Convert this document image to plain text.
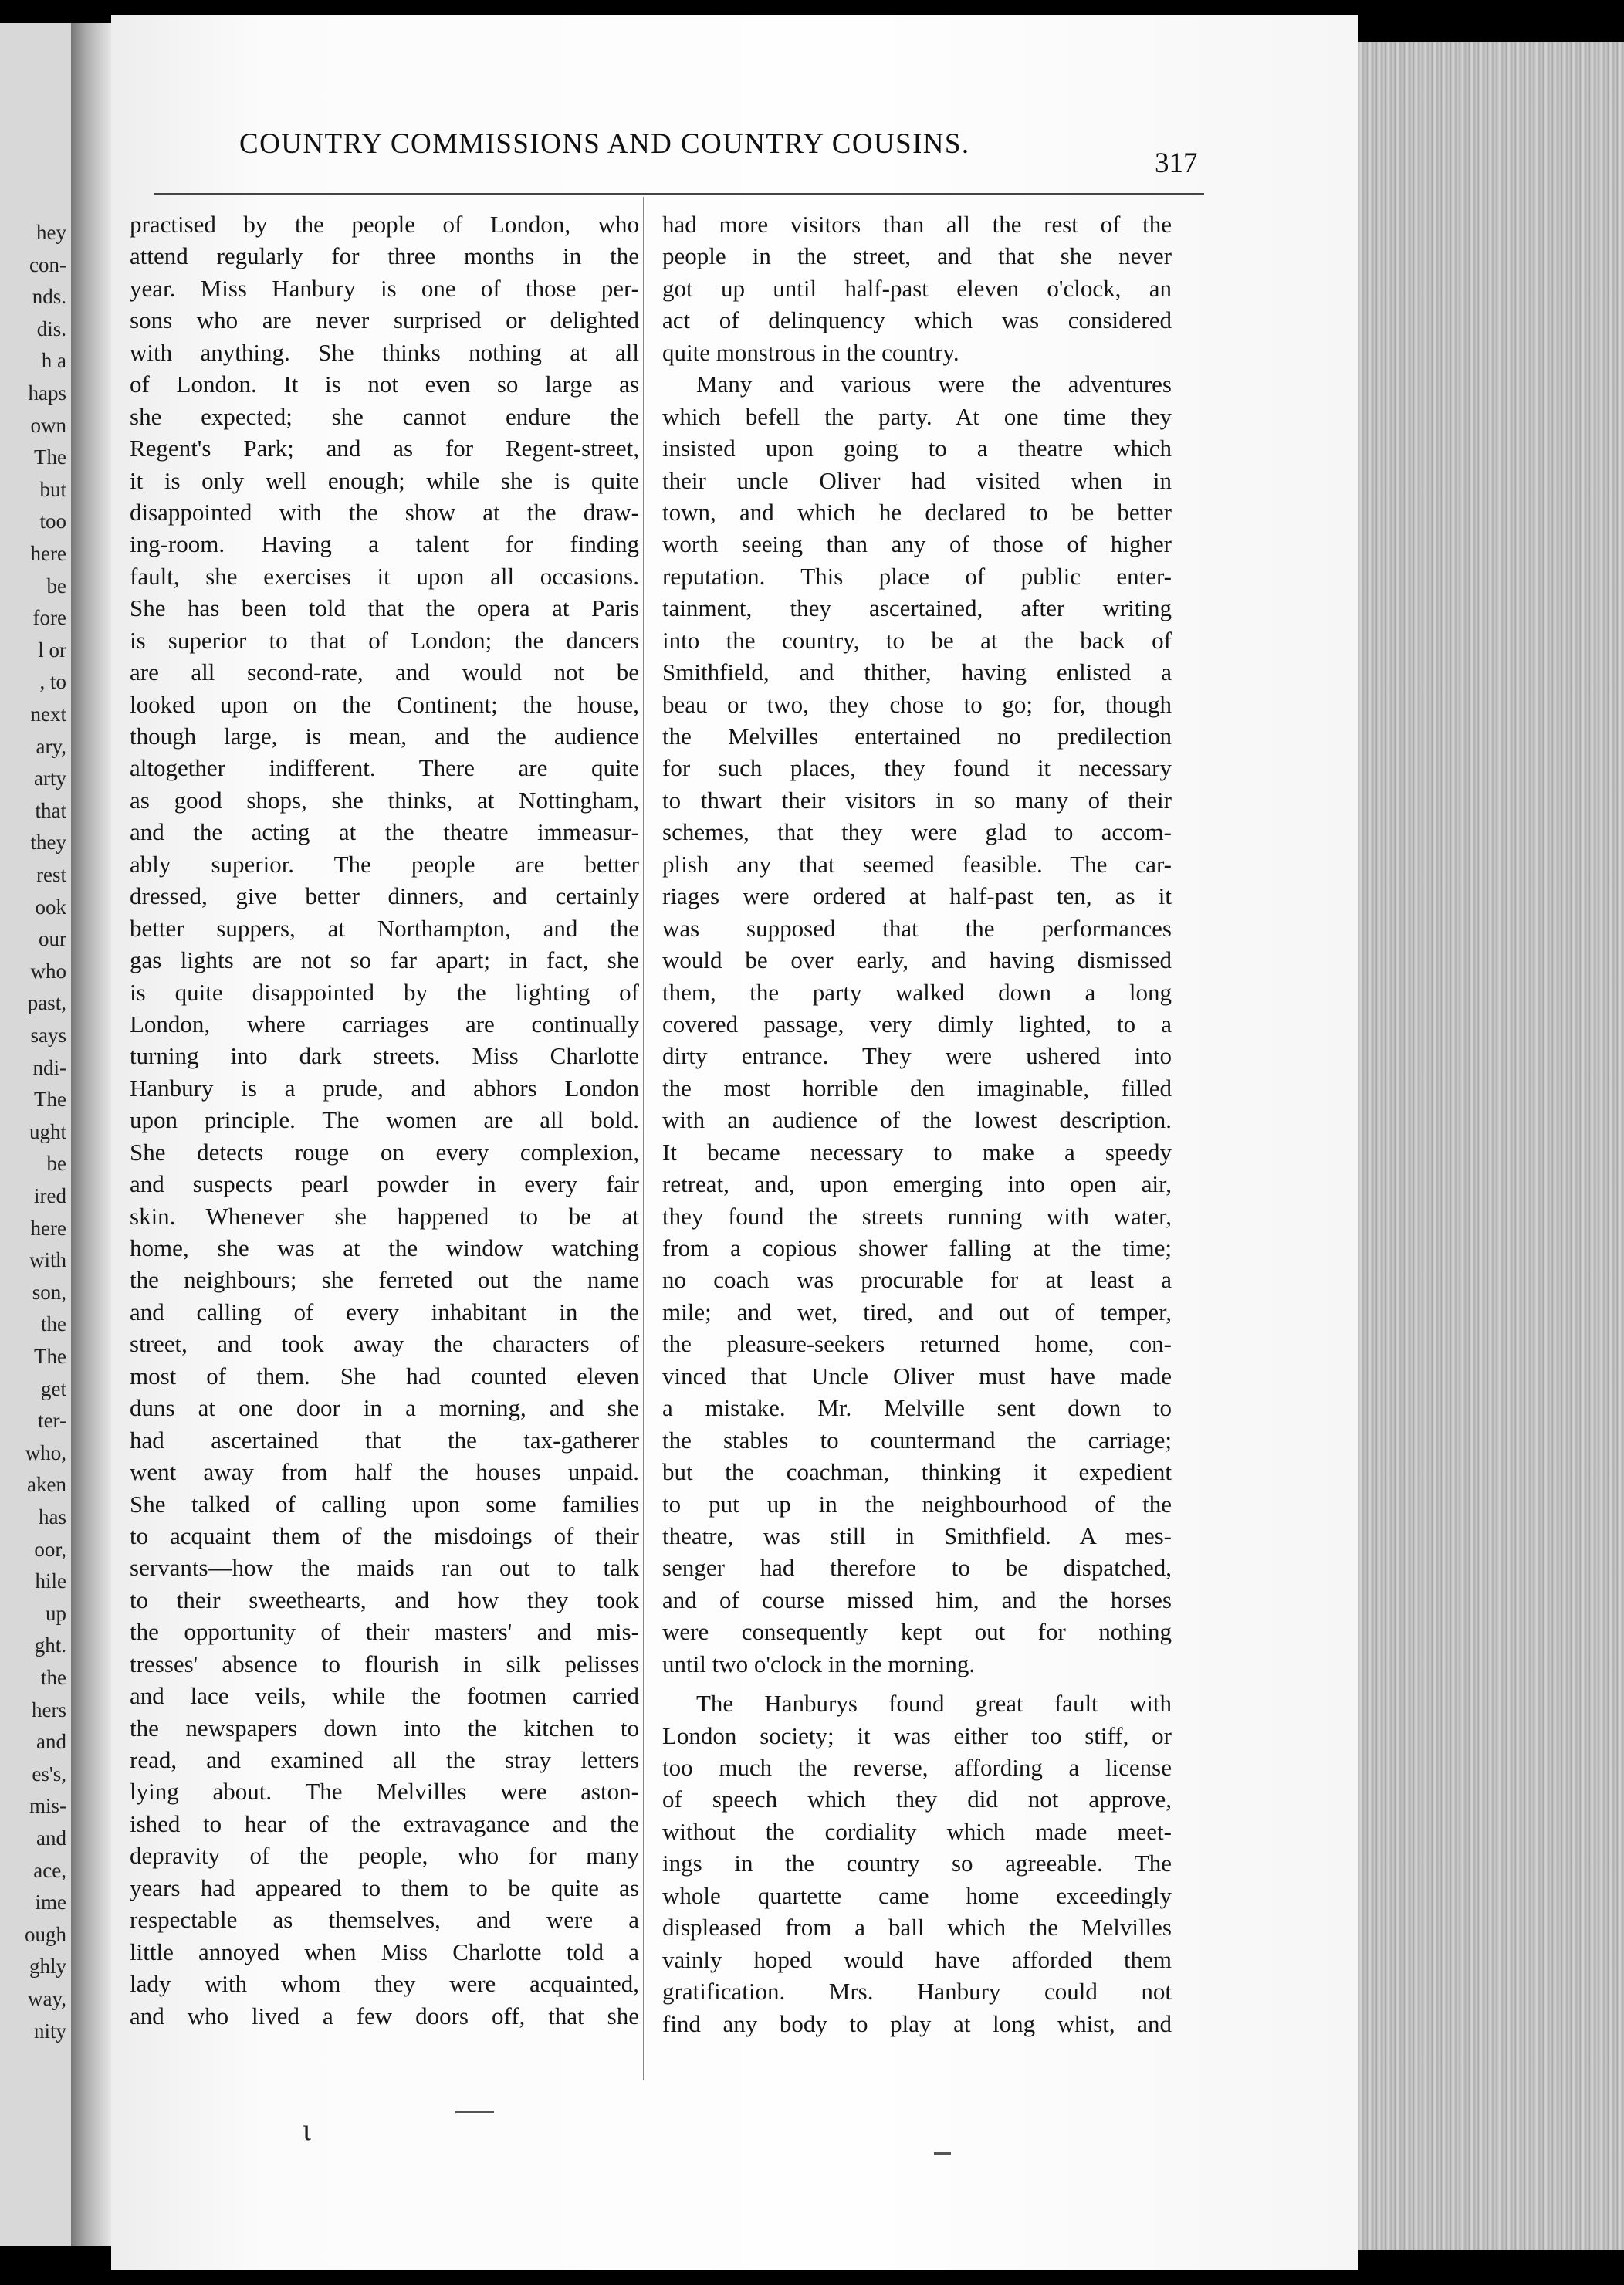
hey
con-
nds.
dis.
h a
haps
own
The
but
too
here
be
fore
l or
, to
next
ary,
arty
that
they
rest
ook
our
who
past,
says
ndi-
The
ught
be
ired
here
with
son,
the
The
get
ter-
who,
aken
has
oor,
hile
up
ght.
the
hers
and
es's,
mis-
and
ace,
ime
ough
ghly
way,
nity
COUNTRY COMMISSIONS AND COUNTRY COUSINS.
317
practised by the people of London, who
attend regularly for three months in the
year. Miss Hanbury is one of those per-
sons who are never surprised or delighted
with anything. She thinks nothing at all
of London. It is not even so large as
she expected; she cannot endure the
Regent's Park; and as for Regent-street,
it is only well enough; while she is quite
disappointed with the show at the draw-
ing-room. Having a talent for finding
fault, she exercises it upon all occasions.
She has been told that the opera at Paris
is superior to that of London; the dancers
are all second-rate, and would not be
looked upon on the Continent; the house,
though large, is mean, and the audience
altogether indifferent. There are quite
as good shops, she thinks, at Nottingham,
and the acting at the theatre immeasur-
ably superior. The people are better
dressed, give better dinners, and certainly
better suppers, at Northampton, and the
gas lights are not so far apart; in fact, she
is quite disappointed by the lighting of
London, where carriages are continually
turning into dark streets. Miss Charlotte
Hanbury is a prude, and abhors London
upon principle. The women are all bold.
She detects rouge on every complexion,
and suspects pearl powder in every fair
skin. Whenever she happened to be at
home, she was at the window watching
the neighbours; she ferreted out the name
and calling of every inhabitant in the
street, and took away the characters of
most of them. She had counted eleven
duns at one door in a morning, and she
had ascertained that the tax-gatherer
went away from half the houses unpaid.
She talked of calling upon some families
to acquaint them of the misdoings of their
servants—how the maids ran out to talk
to their sweethearts, and how they took
the opportunity of their masters' and mis-
tresses' absence to flourish in silk pelisses
and lace veils, while the footmen carried
the newspapers down into the kitchen to
read, and examined all the stray letters
lying about. The Melvilles were aston-
ished to hear of the extravagance and the
depravity of the people, who for many
years had appeared to them to be quite as
respectable as themselves, and were a
little annoyed when Miss Charlotte told a
lady with whom they were acquainted,
and who lived a few doors off, that she
had more visitors than all the rest of the
people in the street, and that she never
got up until half-past eleven o'clock, an
act of delinquency which was considered
quite monstrous in the country.
Many and various were the adventures
which befell the party. At one time they
insisted upon going to a theatre which
their uncle Oliver had visited when in
town, and which he declared to be better
worth seeing than any of those of higher
reputation. This place of public enter-
tainment, they ascertained, after writing
into the country, to be at the back of
Smithfield, and thither, having enlisted a
beau or two, they chose to go; for, though
the Melvilles entertained no predilection
for such places, they found it necessary
to thwart their visitors in so many of their
schemes, that they were glad to accom-
plish any that seemed feasible. The car-
riages were ordered at half-past ten, as it
was supposed that the performances
would be over early, and having dismissed
them, the party walked down a long
covered passage, very dimly lighted, to a
dirty entrance. They were ushered into
the most horrible den imaginable, filled
with an audience of the lowest description.
It became necessary to make a speedy
retreat, and, upon emerging into open air,
they found the streets running with water,
from a copious shower falling at the time;
no coach was procurable for at least a
mile; and wet, tired, and out of temper,
the pleasure-seekers returned home, con-
vinced that Uncle Oliver must have made
a mistake. Mr. Melville sent down to
the stables to countermand the carriage;
but the coachman, thinking it expedient
to put up in the neighbourhood of the
theatre, was still in Smithfield. A mes-
senger had therefore to be dispatched,
and of course missed him, and the horses
were consequently kept out for nothing
until two o'clock in the morning.
The Hanburys found great fault with
London society; it was either too stiff, or
too much the reverse, affording a license
of speech which they did not approve,
without the cordiality which made meet-
ings in the country so agreeable. The
whole quartette came home exceedingly
displeased from a ball which the Melvilles
vainly hoped would have afforded them
gratification. Mrs. Hanbury could not
find any body to play at long whist, and
ɩ
